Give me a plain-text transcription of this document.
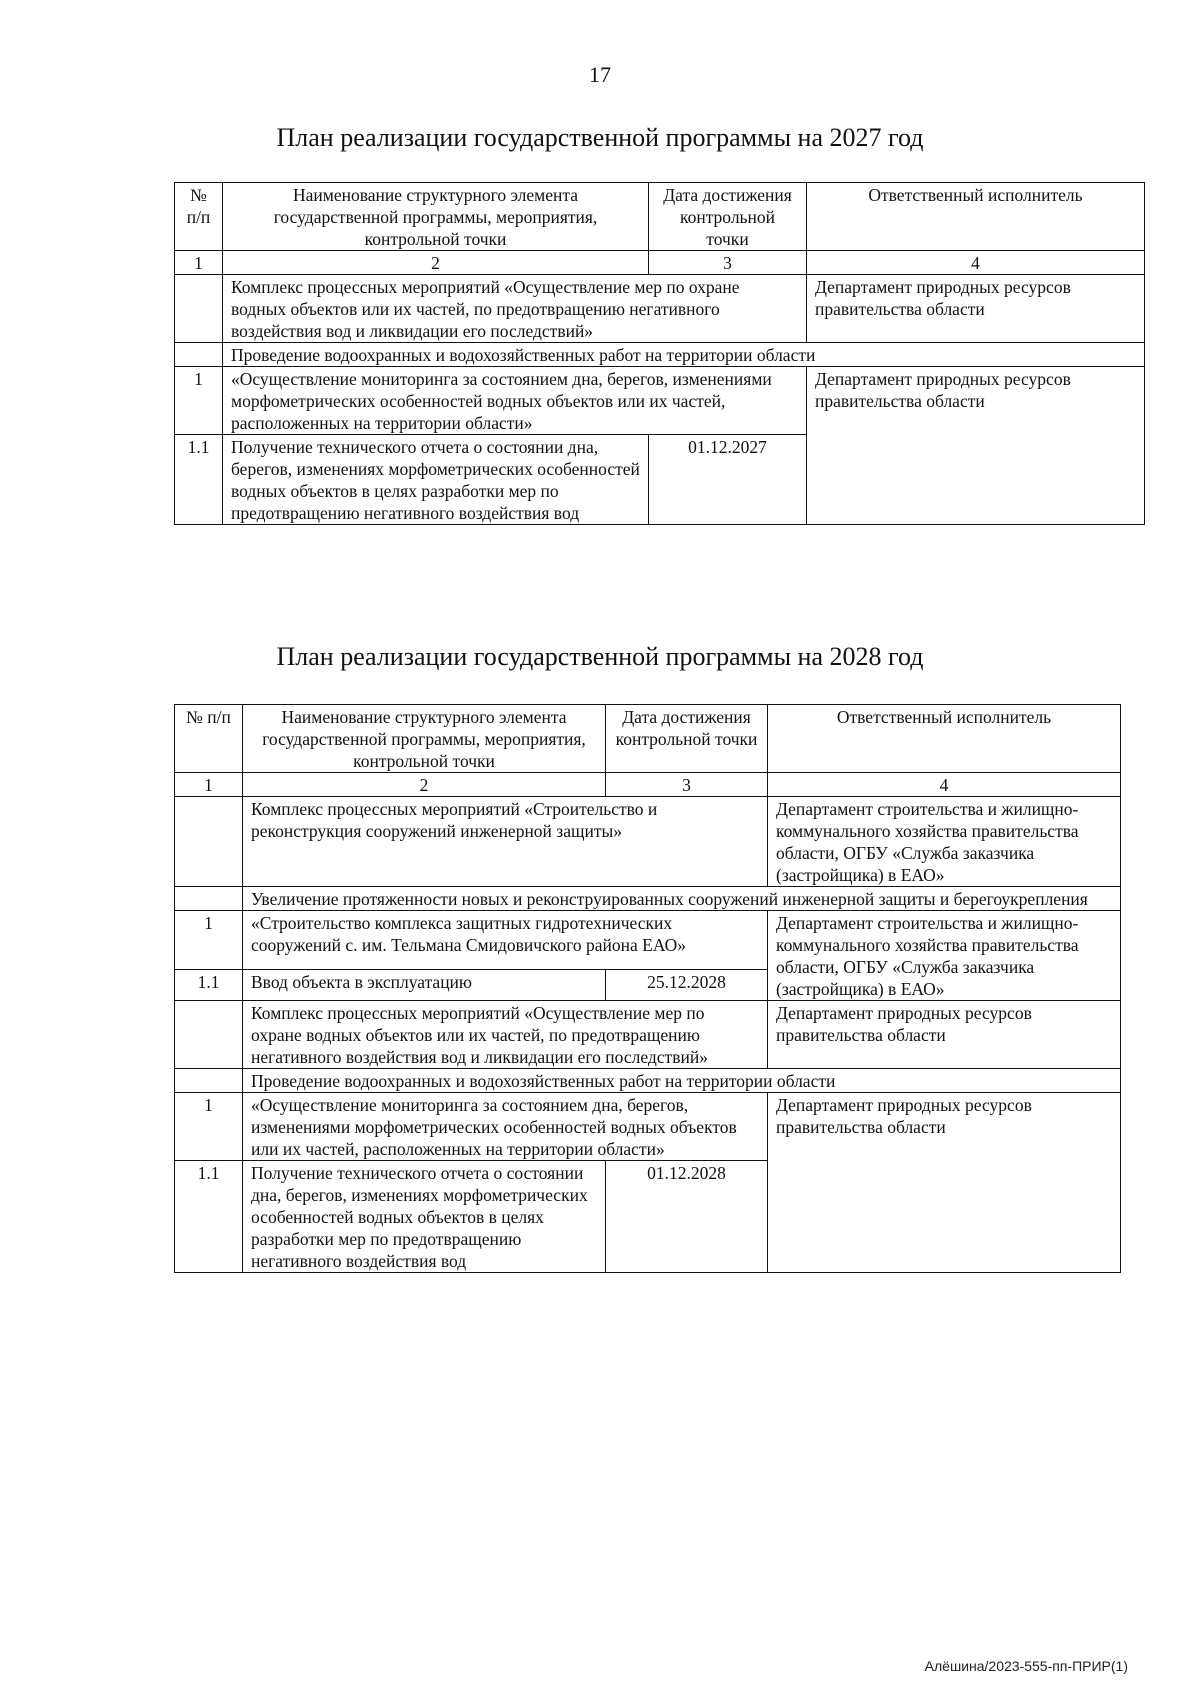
17
План реализации государственной программы на 2027 год
№ п/п	Наименование структурного элемента государственной программы, мероприятия, контрольной точки	Дата достижения контрольной точки	Ответственный исполнитель
1	2	3	4
	Комплекс процессных мероприятий «Осуществление мер по охране водных объектов или их частей, по предотвращению негативного воздействия вод и ликвидации его последствий»		Департамент природных ресурсов правительства области
	Проведение водоохранных и водохозяйственных работ на территории области		
1	«Осуществление мониторинга за состоянием дна, берегов, изменениями морфометрических особенностей водных объектов или их частей, расположенных на территории области»		Департамент природных ресурсов правительства области
1.1	Получение технического отчета о состоянии дна, берегов, изменениях морфометрических особенностей водных объектов в целях разработки мер по предотвращению негативного воздействия вод	01.12.2027	
План реализации государственной программы на 2028 год
№ п/п	Наименование структурного элемента государственной программы, мероприятия, контрольной точки	Дата достижения контрольной точки	Ответственный исполнитель
1	2	3	4
	Комплекс процессных мероприятий «Строительство и реконструкция сооружений инженерной защиты»		Департамент строительства и жилищно-коммунального хозяйства правительства области, ОГБУ «Служба заказчика (застройщика) в ЕАО»
	Увеличение протяженности новых и реконструированных сооружений инженерной защиты и берегоукрепления		
1	«Строительство комплекса защитных гидротехнических сооружений с. им. Тельмана Смидовичского района ЕАО»		Департамент строительства и жилищно-коммунального хозяйства правительства области, ОГБУ «Служба заказчика (застройщика) в ЕАО»
1.1	Ввод объекта в эксплуатацию	25.12.2028	
	Комплекс процессных мероприятий «Осуществление мер по охране водных объектов или их частей, по предотвращению негативного воздействия вод и ликвидации его последствий»		Департамент природных ресурсов правительства области
	Проведение водоохранных и водохозяйственных работ на территории области		
1	«Осуществление мониторинга за состоянием дна, берегов, изменениями морфометрических особенностей водных объектов или их частей, расположенных на территории области»		Департамент природных ресурсов правительства области
1.1	Получение технического отчета о состоянии дна, берегов, изменениях морфометрических особенностей водных объектов в целях разработки мер по предотвращению негативного воздействия вод	01.12.2028	
Алёшина/2023-555-пп-ПРИР(1)
